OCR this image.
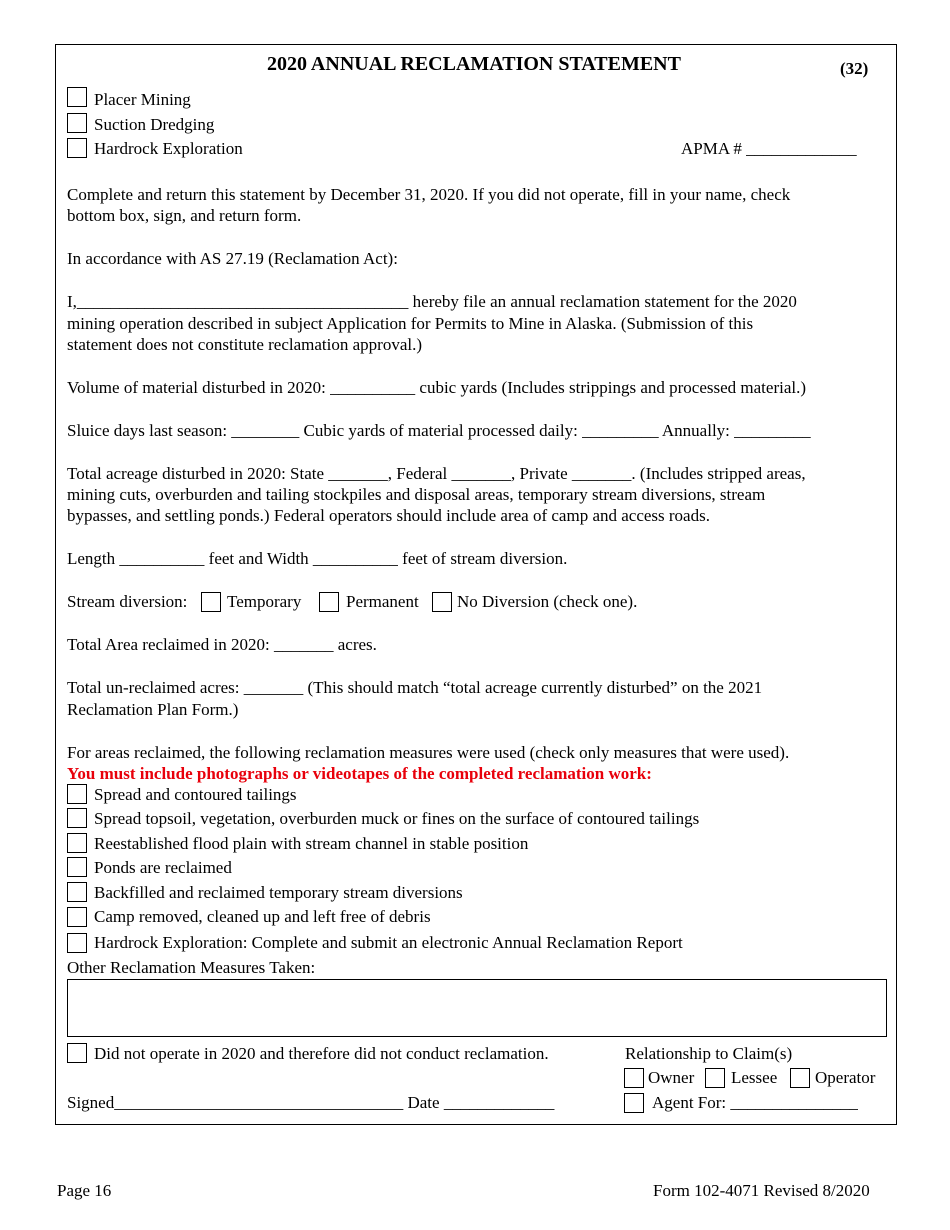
2020 ANNUAL RECLAMATION STATEMENT	(32)
Placer Mining
Suction Dredging
Hardrock Exploration	APMA # _____________
Complete and return this statement by December 31, 2020. If you did not operate, fill in your name, check
bottom box, sign, and return form.
In accordance with AS 27.19 (Reclamation Act):
I,_______________________________________ hereby file an annual reclamation statement for the 2020
mining operation described in subject Application for Permits to Mine in Alaska. (Submission of this
statement does not constitute reclamation approval.)
Volume of material disturbed in 2020: __________ cubic yards (Includes strippings and processed material.)
Sluice days last season: ________ Cubic yards of material processed daily: _________ Annually: _________
Total acreage disturbed in 2020: State _______, Federal _______, Private _______. (Includes stripped areas,
mining cuts, overburden and tailing stockpiles and disposal areas, temporary stream diversions, stream
bypasses, and settling ponds.) Federal operators should include area of camp and access roads.
Length __________ feet and Width __________ feet of stream diversion.
Stream diversion: Temporary	Permanent No Diversion (check one).
Total Area reclaimed in 2020: _______ acres.
Total un-reclaimed acres: _______ (This should match “total acreage currently disturbed” on the 2021
Reclamation Plan Form.)
For areas reclaimed, the following reclamation measures were used (check only measures that were used).
You must include photographs or videotapes of the completed reclamation work:
Spread and contoured tailings
Spread topsoil, vegetation, overburden muck or fines on the surface of contoured tailings
Reestablished flood plain with stream channel in stable position
Ponds are reclaimed
Backfilled and reclaimed temporary stream diversions
Camp removed, cleaned up and left free of debris
Hardrock Exploration: Complete and submit an electronic Annual Reclamation Report
Other Reclamation Measures Taken:
Did not operate in 2020 and therefore did not conduct reclamation.	Relationship to Claim(s)
Owner Lessee Operator
Agent For: _______________
Signed__________________________________ Date _____________
Page 16	Form 102-4071 Revised 8/2020
